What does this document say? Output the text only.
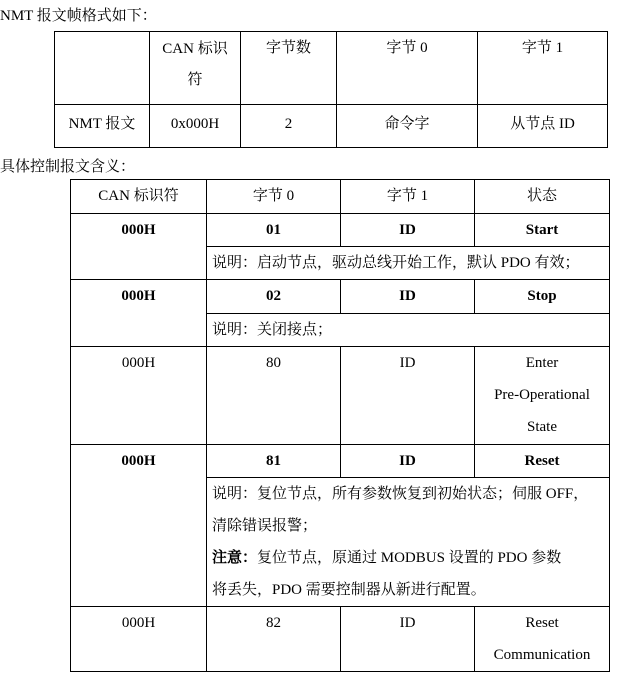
NMT 报文帧格式如下：

	CAN 标识符	字节数	字节 0	字节 1
NMT 报文	0x000H	2	命令字	从节点 ID
具体控制报文含义：
CAN 标识符	字节 0	字节 1	状态
000H	01	ID	Start
	说明：启动节点，驱动总线开始工作，默认 PDO 有效；		
000H	02	ID	Stop
	说明：关闭接点；		
000H	80	ID	Enter
Pre-Operational
State

000H	81	ID	Reset

	说明：复位节点，所有参数恢复到初始状态；伺服 OFF，
清除错误报警；
注意：复位节点，原通过 MODBUS 设置的 PDO 参数
将丢失，PDO 需要控制器从新进行配置。		

000H	82	ID	Reset
Communication
